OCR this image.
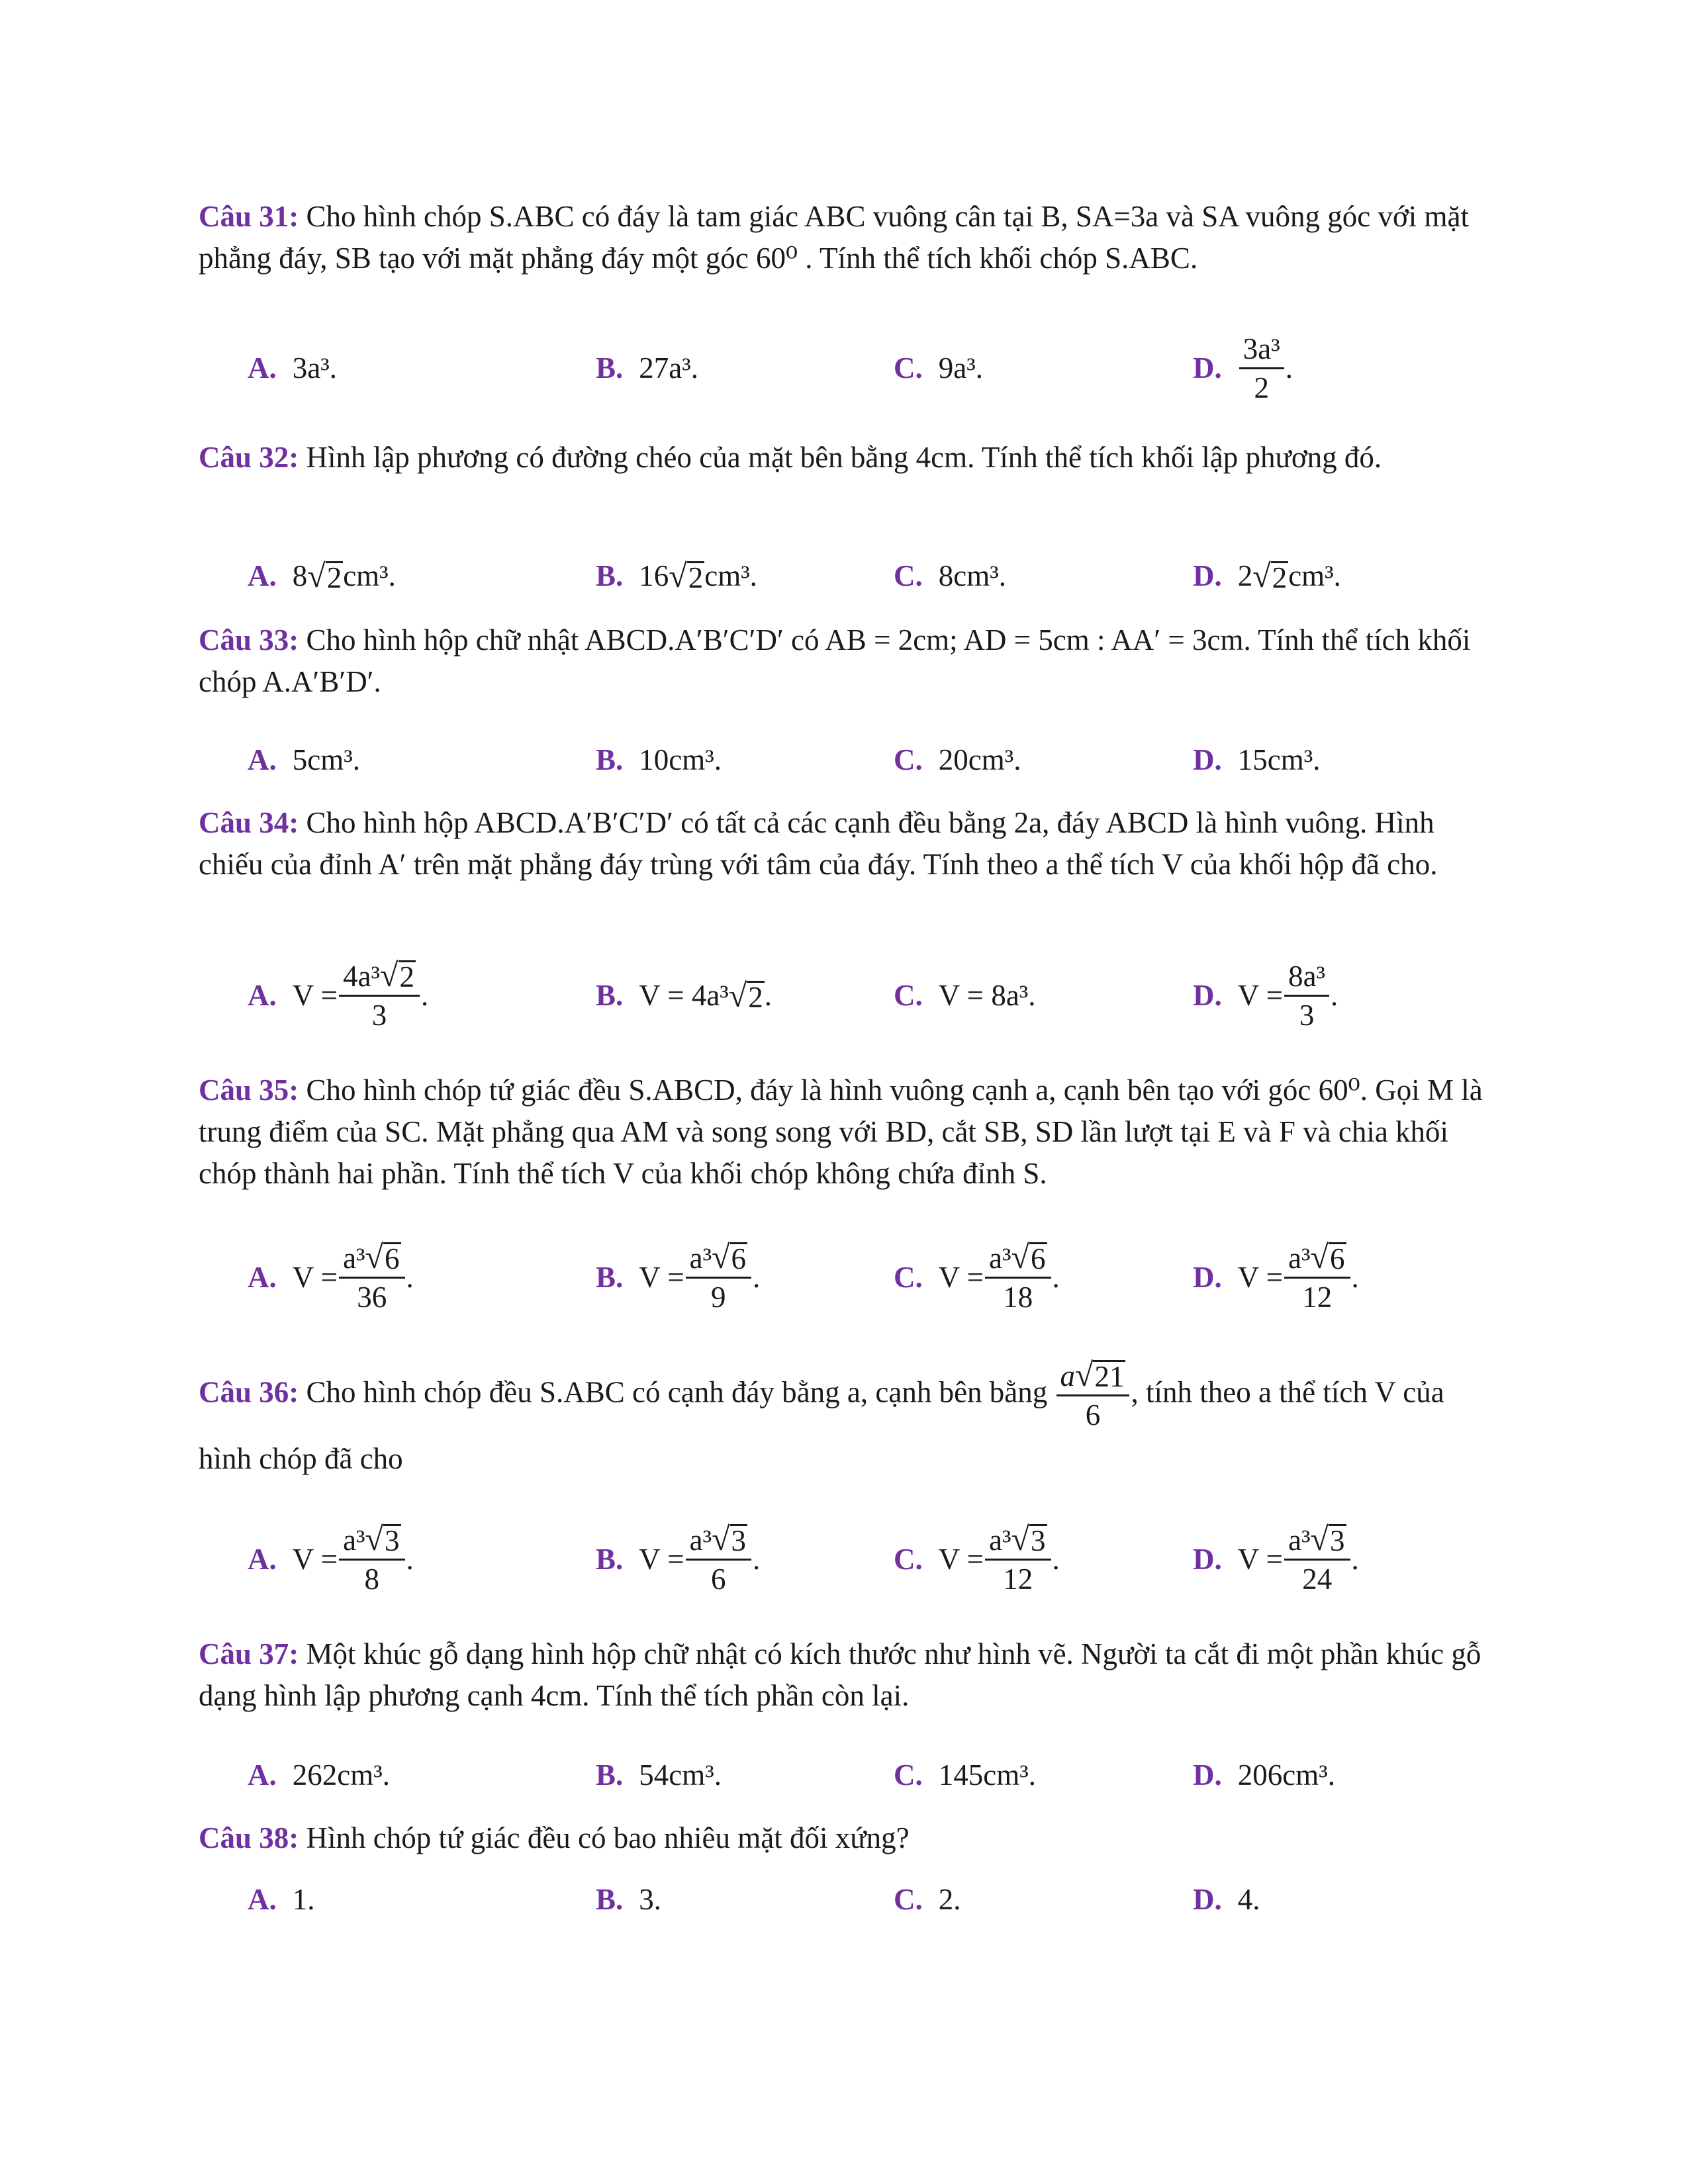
Câu 31: Cho hình chóp S.ABC có đáy là tam giác ABC vuông cân tại B, SA=3a và SA vuông góc với mặt phẳng đáy, SB tạo với mặt phẳng đáy một góc 60⁰ . Tính thể tích khối chóp S.ABC.
A. 3a³.	B. 27a³.	C. 9a³.	D. $\frac{\text{3a³}}{2}$ .
Câu 32: Hình lập phương có đường chéo của mặt bên bằng 4cm. Tính thể tích khối lập phương đó.
A. 8 √ 2 cm³.	B. 16 √ 2 cm³.	C. 8cm³.	D. 2 √ 2 cm³.
Câu 33: Cho hình hộp chữ nhật ABCD.A′B′C′D′ có AB = 2cm; AD = 5cm : AA′ = 3cm. Tính thể tích khối chóp A.A′B′D′.
A. 5cm³.	B. 10cm³.	C. 20cm³.	D. 15cm³.
Câu 34: Cho hình hộp ABCD.A′B′C′D′ có tất cả các cạnh đều bằng 2a, đáy ABCD là hình vuông. Hình chiếu của đỉnh A′ trên mặt phẳng đáy trùng với tâm của đáy. Tính theo a thể tích V của khối hộp đã cho.
A. $V = \frac{\text{4a³ √ 2}}{3}$ .	B. V = 4a³ √ 2 .	C. V = 8a³.	D. $V = \frac{\text{8a³}}{3}$ .
Câu 35: Cho hình chóp tứ giác đều S.ABCD, đáy là hình vuông cạnh a, cạnh bên tạo với góc 60⁰. Gọi M là trung điểm của SC. Mặt phẳng qua AM và song song với BD, cắt SB, SD lần lượt tại E và F và chia khối chóp thành hai phần. Tính thể tích V của khối chóp không chứa đỉnh S.
A. $V = \frac{\text{a³ √ 6}}{36}$ .	B. $V = \frac{\text{a³ √ 6}}{9}$ .	C. $V = \frac{\text{a³ √ 6}}{18}$ .	D. $V = \frac{\text{a³ √ 6}}{12}$ .
Câu 36: Cho hình chóp đều S.ABC có cạnh đáy bằng a, cạnh bên bằng $\frac{a √ 21}{6}$ , tính theo a thể tích V của hình chóp đã cho
A. $V = \frac{\text{a³ √ 3}}{8}$ .	B. $V = \frac{\text{a³ √ 3}}{6}$ .	C. $V = \frac{\text{a³ √ 3}}{12}$ .	D. $V = \frac{\text{a³ √ 3}}{24}$ .
Câu 37: Một khúc gỗ dạng hình hộp chữ nhật có kích thước như hình vẽ. Người ta cắt đi một phần khúc gỗ dạng hình lập phương cạnh 4cm. Tính thể tích phần còn lại.
A. 262cm³.	B. 54cm³.	C. 145cm³.	D. 206cm³.
Câu 38: Hình chóp tứ giác đều có bao nhiêu mặt đối xứng?
A. 1.	B. 3.	C. 2.	D. 4.
